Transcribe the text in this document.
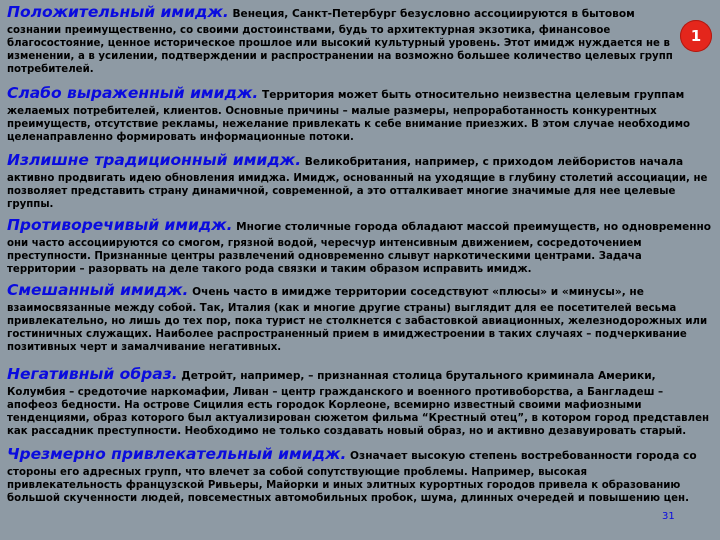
1
Положительный имидж. Венеция, Санкт-Петербург безусловно ассоциируются в бытовом
сознании преимущественно, со своими достоинствами, будь то архитектурная экзотика, финансовое
благосостояние, ценное историческое прошлое или высокий культурный уровень. Этот имидж нуждается не в
изменении, а в усилении, подтверждении и распространении на возможно большее количество целевых групп
потребителей.
Слабо выраженный имидж. Территория может быть относительно неизвестна целевым группам
желаемых потребителей, клиентов. Основные причины – малые размеры, непроработанность конкурентных
преимуществ, отсутствие рекламы, нежелание привлекать к себе внимание приезжих. В этом случае необходимо
целенаправленно формировать информационные потоки.
Излишне традиционный имидж. Великобритания, например, с приходом лейбористов начала
активно продвигать идею обновления имиджа. Имидж, основанный на уходящие в глубину столетий ассоциации, не
позволяет представить страну динамичной, современной, а это отталкивает многие значимые для нее целевые
группы.
Противоречивый имидж. Многие столичные города обладают массой преимуществ, но одновременно
они часто ассоциируются со смогом, грязной водой, чересчур интенсивным движением, сосредоточением
преступности. Признанные центры развлечений одновременно слывут наркотическими центрами. Задача
территории – разорвать на деле такого рода связки и таким образом исправить имидж.
Смешанный имидж. Очень часто в имидже территории соседствуют «плюсы» и «минусы», не
взаимосвязанные между собой. Так, Италия (как и многие другие страны) выглядит для ее посетителей весьма
привлекательно, но лишь до тех пор, пока турист не столкнется с забастовкой авиационных, железнодорожных или
гостиничных служащих. Наиболее распространенный прием в имиджестроении в таких случаях – подчеркивание
позитивных черт и замалчивание негативных.
Негативный образ. Детройт, например, – признанная столица брутального криминала Америки,
Колумбия – средоточие наркомафии, Ливан – центр гражданского и военного противоборства, а Бангладеш –
апофеоз бедности. На острове Сицилия есть городок Корлеоне, всемирно известный своими мафиозными
тенденциями, образ которого был актуализирован сюжетом фильма “Крестный отец”, в котором город представлен
как рассадник преступности. Необходимо не только создавать новый образ, но и активно дезавуировать старый.
Чрезмерно привлекательный имидж. Означает высокую степень востребованности города со
стороны его адресных групп, что влечет за собой сопутствующие проблемы. Например, высокая
привлекательность французской Ривьеры, Майорки и иных элитных курортных городов привела к образованию
большой скученности людей, повсеместных автомобильных пробок, шума, длинных очередей и повышению цен.
31
